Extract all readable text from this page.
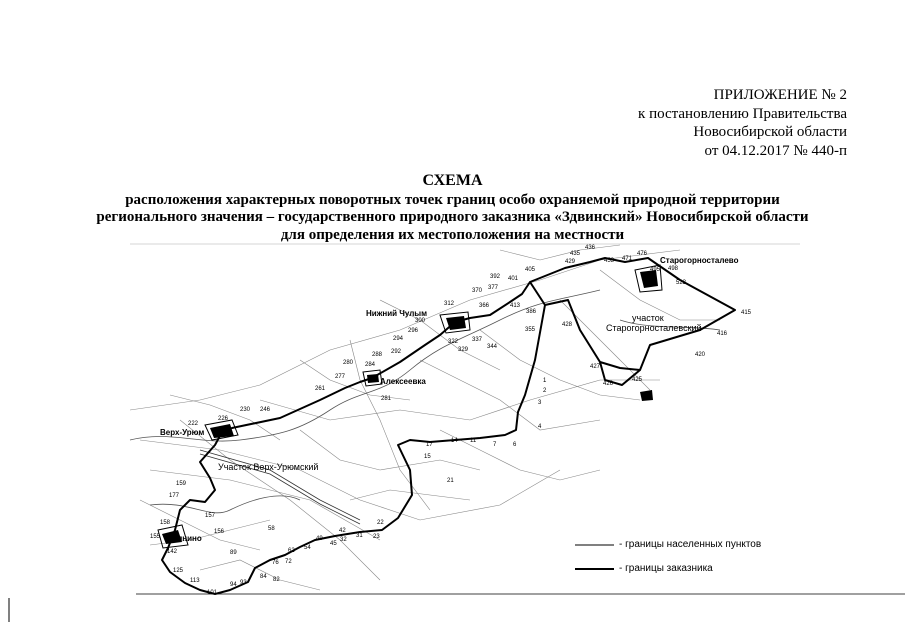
ПРИЛОЖЕНИЕ № 2
к постановлению Правительства
Новосибирской области
от 04.12.2017 № 440-п
СХЕМА
расположения характерных поворотных точек границ особо охраняемой природной территории
регионального значения – государственного природного заказника «Здвинский» Новосибирской области
для определения их местоположения на местности
1
2
3
4
6
7
11
14
15
17
21
22
23
31
32
42
45
49
54
58
62
72
76
82
84
89
93
94
101
113
125
142
155
156
157
158
159
177
222
226
230 246
261
277
280
281
284
288 292
294
296
300
312
322
329
337
344
355
366
370 377
386
392 401
405
413
415
416
420
425
426
427
428
429
435
436
453 471
476
495 498
523
Верх-Урюм
Нижний Чулым
Алексеевка
Лянино
Старогорносталево
Участок Верх-Урюмский
участок
Старогорносталевский
- границы населенных пунктов
- границы заказника
